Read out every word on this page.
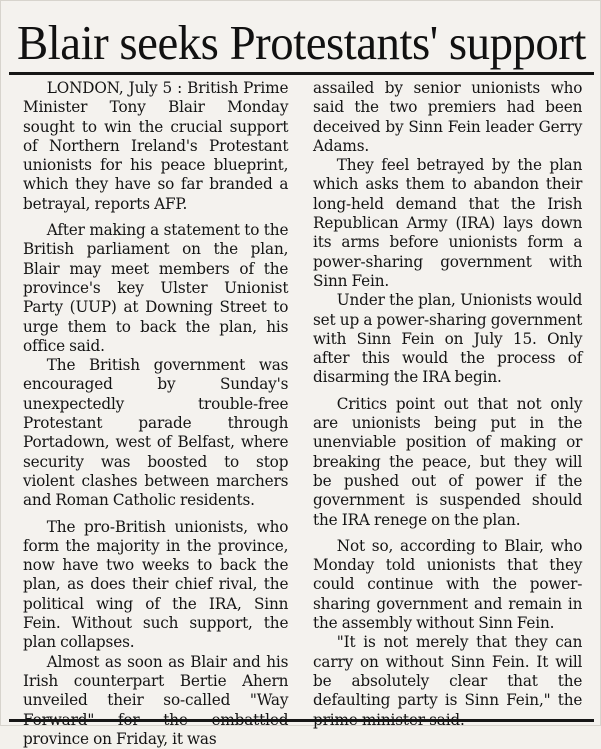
Blair seeks Protestants' support

LONDON, July 5 : British Prime Minister Tony Blair Monday sought to win the crucial support of Northern Ireland's Protestant unionists for his peace blueprint, which they have so far branded a betrayal, reports AFP.

After making a statement to the British parliament on the plan, Blair may meet members of the province's key Ulster Unionist Party (UUP) at Downing Street to urge them to back the plan, his office said.

The British government was encouraged by Sunday's unexpectedly trouble-free Protestant parade through Portadown, west of Belfast, where security was boosted to stop violent clashes between marchers and Roman Catholic residents.

The pro-British unionists, who form the majority in the province, now have two weeks to back the plan, as does their chief rival, the political wing of the IRA, Sinn Fein. Without such support, the plan collapses.

Almost as soon as Blair and his Irish counterpart Bertie Ahern unveiled their so-called "Way Forward" for the embattled province on Friday, it was

assailed by senior unionists who said the two premiers had been deceived by Sinn Fein leader Gerry Adams.

They feel betrayed by the plan which asks them to abandon their long-held demand that the Irish Republican Army (IRA) lays down its arms before unionists form a power-sharing government with Sinn Fein.

Under the plan, Unionists would set up a power-sharing government with Sinn Fein on July 15. Only after this would the process of disarming the IRA begin.

Critics point out that not only are unionists being put in the unenviable position of making or breaking the peace, but they will be pushed out of power if the government is suspended should the IRA renege on the plan.

Not so, according to Blair, who Monday told unionists that they could continue with the power-sharing government and remain in the assembly without Sinn Fein.

"It is not merely that they can carry on without Sinn Fein. It will be absolutely clear that the defaulting party is Sinn Fein," the prime minister said.
